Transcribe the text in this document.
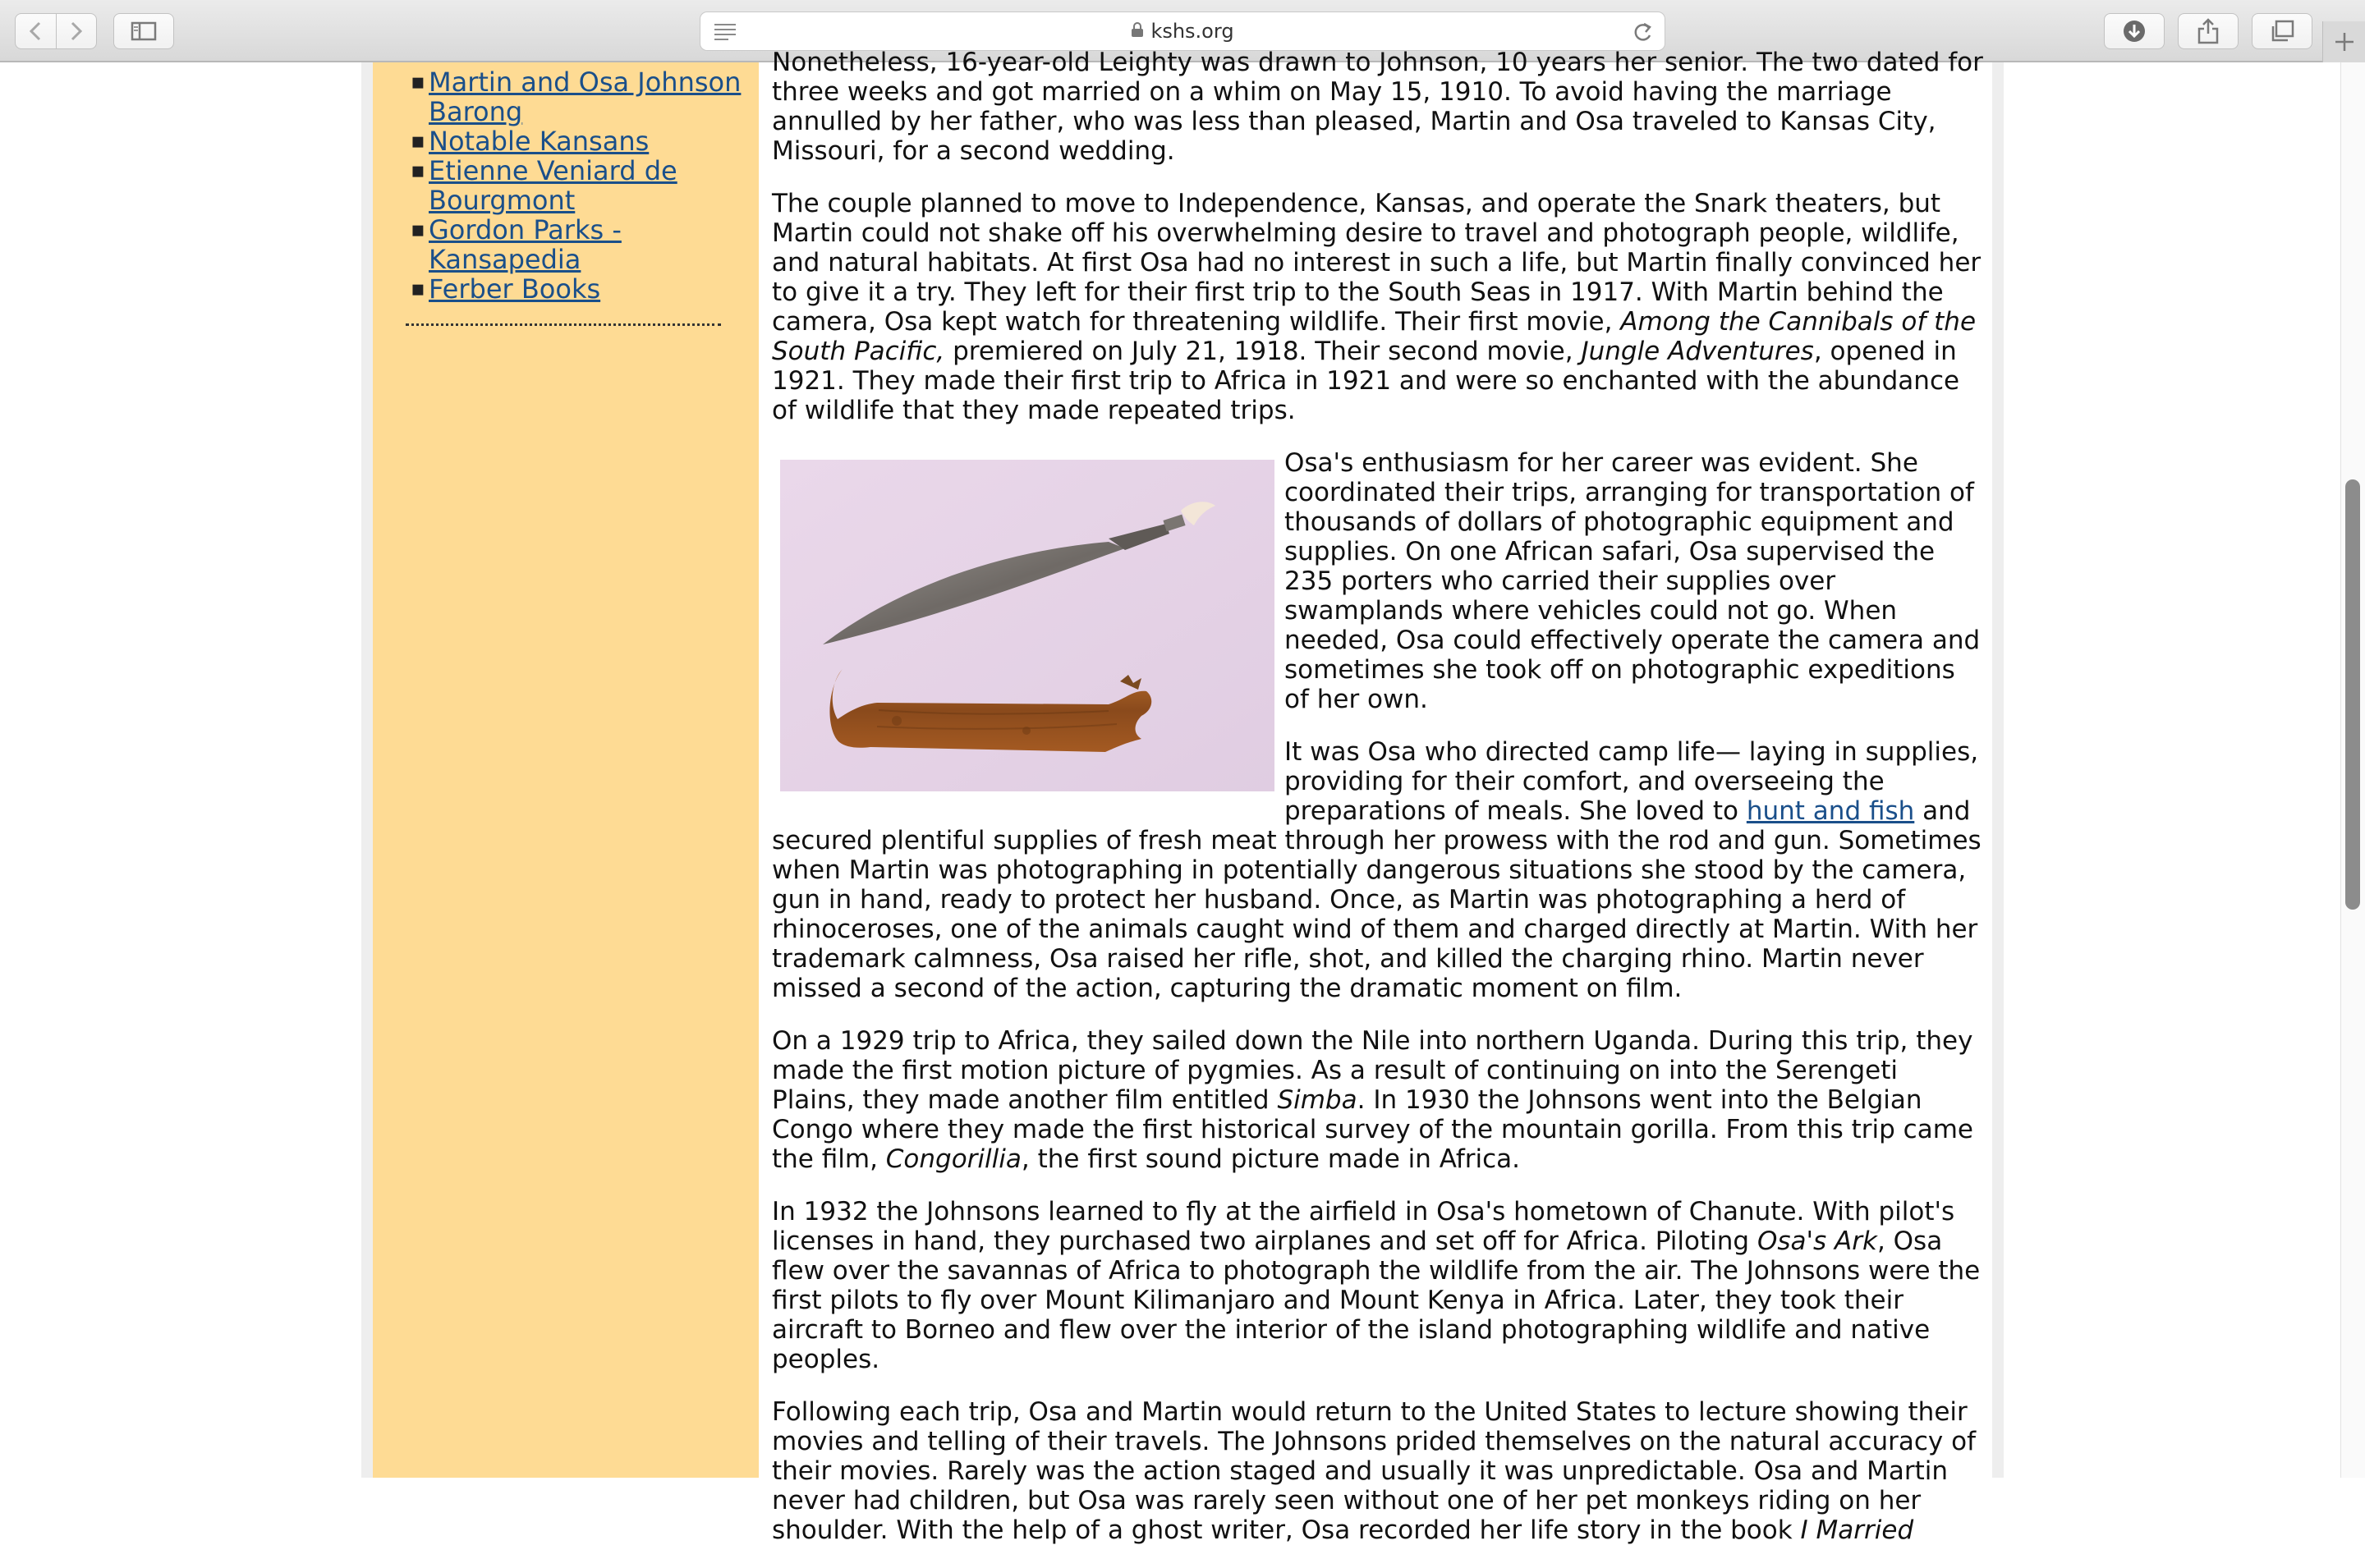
kshs.org
▪ Martin and Osa Johnson Barong
▪ Notable Kansans
▪ Etienne Veniard de Bourgmont
▪ Gordon Parks - Kansapedia
▪ Ferber Books

Nonetheless, 16-year-old Leighty was drawn to Johnson, 10 years her senior. The two dated for three weeks and got married on a whim on May 15, 1910. To avoid having the marriage annulled by her father, who was less than pleased, Martin and Osa traveled to Kansas City, Missouri, for a second wedding.

The couple planned to move to Independence, Kansas, and operate the Snark theaters, but Martin could not shake off his overwhelming desire to travel and photograph people, wildlife, and natural habitats. At first Osa had no interest in such a life, but Martin finally convinced her to give it a try. They left for their first trip to the South Seas in 1917. With Martin behind the camera, Osa kept watch for threatening wildlife. Their first movie, Among the Cannibals of the South Pacific, premiered on July 21, 1918. Their second movie, Jungle Adventures, opened in 1921. They made their first trip to Africa in 1921 and were so enchanted with the abundance of wildlife that they made repeated trips.

Osa's enthusiasm for her career was evident. She coordinated their trips, arranging for transportation of thousands of dollars of photographic equipment and supplies. On one African safari, Osa supervised the 235 porters who carried their supplies over swamplands where vehicles could not go. When needed, Osa could effectively operate the camera and sometimes she took off on photographic expeditions of her own.

It was Osa who directed camp life— laying in supplies, providing for their comfort, and overseeing the preparations of meals. She loved to hunt and fish and secured plentiful supplies of fresh meat through her prowess with the rod and gun. Sometimes when Martin was photographing in potentially dangerous situations she stood by the camera, gun in hand, ready to protect her husband. Once, as Martin was photographing a herd of rhinoceroses, one of the animals caught wind of them and charged directly at Martin. With her trademark calmness, Osa raised her rifle, shot, and killed the charging rhino. Martin never missed a second of the action, capturing the dramatic moment on film.

On a 1929 trip to Africa, they sailed down the Nile into northern Uganda. During this trip, they made the first motion picture of pygmies. As a result of continuing on into the Serengeti Plains, they made another film entitled Simba. In 1930 the Johnsons went into the Belgian Congo where they made the first historical survey of the mountain gorilla. From this trip came the film, Congorillia, the first sound picture made in Africa.

In 1932 the Johnsons learned to fly at the airfield in Osa's hometown of Chanute. With pilot's licenses in hand, they purchased two airplanes and set off for Africa. Piloting Osa's Ark, Osa flew over the savannas of Africa to photograph the wildlife from the air. The Johnsons were the first pilots to fly over Mount Kilimanjaro and Mount Kenya in Africa. Later, they took their aircraft to Borneo and flew over the interior of the island photographing wildlife and native peoples.

Following each trip, Osa and Martin would return to the United States to lecture showing their movies and telling of their travels. The Johnsons prided themselves on the natural accuracy of their movies. Rarely was the action staged and usually it was unpredictable. Osa and Martin never had children, but Osa was rarely seen without one of her pet monkeys riding on her shoulder. With the help of a ghost writer, Osa recorded her life story in the book I Married
